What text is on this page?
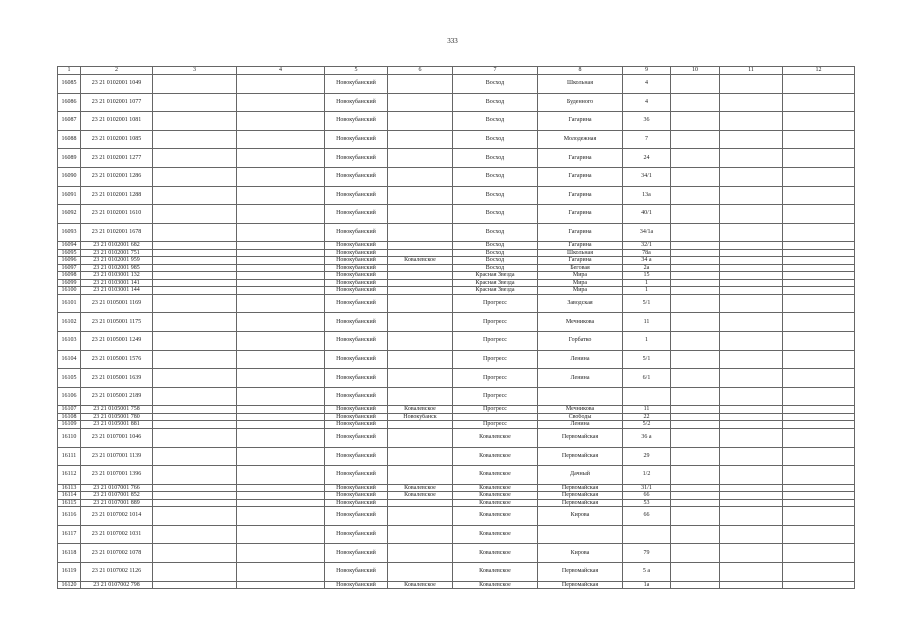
333
1	2	3	4	5	6	7	8	9	10	11	12
16085	23 21 0102001 1049			Новокубанский		Восход	Школьная	4			
16086	23 21 0102001 1077			Новокубанский		Восход	Буденного	4			
16087	23 21 0102001 1081			Новокубанский		Восход	Гагарина	36			
16088	23 21 0102001 1085			Новокубанский		Восход	Молодежная	7			
16089	23 21 0102001 1277			Новокубанский		Восход	Гагарина	24			
16090	23 21 0102001 1286			Новокубанский		Восход	Гагарина	34/1			
16091	23 21 0102001 1288			Новокубанский		Восход	Гагарина	13а			
16092	23 21 0102001 1610			Новокубанский		Восход	Гагарина	40/1			
16093	23 21 0102001 1678			Новокубанский		Восход	Гагарина	34/1а			
16094	23 21 0102001 682			Новокубанский		Восход	Гагарина	32/1			
16095	23 21 0102001 751			Новокубанский		Восход	Школьная	78а			
16096	23 21 0102001 959			Новокубанский	Ковалевское	Восход	Гагарина	34 а			
16097	23 21 0102001 985			Новокубанский		Восход	Беговая	2а			
16098	23 21 0103001 132			Новокубанский		Красная Звезда	Мира	15			
16099	23 21 0103001 141			Новокубанский		Красная Звезда	Мира	1			
16100	23 21 0103001 144			Новокубанский		Красная Звезда	Мира	1			
16101	23 21 0105001 1169			Новокубанский		Прогресс	Заводская	5/1			
16102	23 21 0105001 1175			Новокубанский		Прогресс	Мечникова	11			
16103	23 21 0105001 1249			Новокубанский		Прогресс	Горбатко	1			
16104	23 21 0105001 1576			Новокубанский		Прогресс	Ленина	5/1			
16105	23 21 0105001 1639			Новокубанский		Прогресс	Ленина	6/1			
16106	23 21 0105001 2189			Новокубанский		Прогресс					
16107	23 21 0105001 758			Новокубанский	Ковалевское	Прогресс	Мечникова	11			
16108	23 21 0105001 780			Новокубанский	Новокубанск		Свободы	22			
16109	23 21 0105001 881			Новокубанский		Прогресс	Ленина	5/2			
16110	23 21 0107001 1046			Новокубанский		Ковалевское	Первомайская	36 а			
16111	23 21 0107001 1139			Новокубанский		Ковалевское	Первомайская	29			
16112	23 21 0107001 1396			Новокубанский		Ковалевское	Дачный	1/2			
16113	23 21 0107001 766			Новокубанский	Ковалевское	Ковалевское	Первомайская	31/1			
16114	23 21 0107001 852			Новокубанский	Ковалевское	Ковалевское	Первомайская	66			
16115	23 21 0107001 889			Новокубанский		Ковалевское	Первомайская	53			
16116	23 21 0107002 1014			Новокубанский		Ковалевское	Кирова	66			
16117	23 21 0107002 1031			Новокубанский		Ковалевское					
16118	23 21 0107002 1078			Новокубанский		Ковалевское	Кирова	79			
16119	23 21 0107002 1126			Новокубанский		Ковалевское	Первомайская	5 а			
16120	23 21 0107002 798			Новокубанский	Ковалевское	Ковалевское	Первомайская	1а			
